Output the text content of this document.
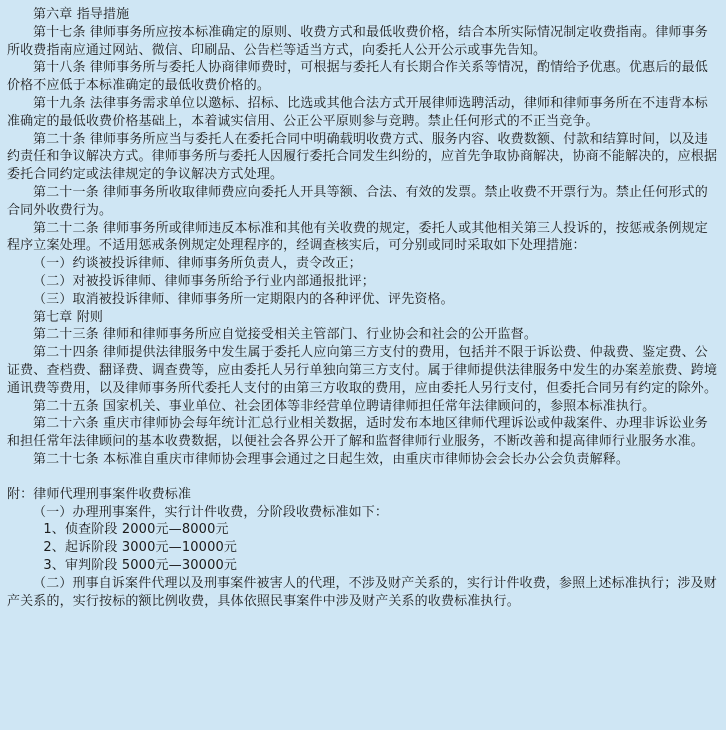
第六章 指导措施

第十七条 律师事务所应按本标准确定的原则、收费方式和最低收费价格，结合本所实际情况制定收费指南。律师事务所收费指南应通过网站、微信、印刷品、公告栏等适当方式，向委托人公开公示或事先告知。

第十八条 律师事务所与委托人协商律师费时，可根据与委托人有长期合作关系等情况，酌情给予优惠。优惠后的最低价格不应低于本标准确定的最低收费价格的。

第十九条 法律事务需求单位以邀标、招标、比选或其他合法方式开展律师选聘活动，律师和律师事务所在不违背本标准确定的最低收费价格基础上，本着诚实信用、公正公平原则参与竞聘。禁止任何形式的不正当竞争。

第二十条 律师事务所应当与委托人在委托合同中明确载明收费方式、服务内容、收费数额、付款和结算时间，以及违约责任和争议解决方式。律师事务所与委托人因履行委托合同发生纠纷的，应首先争取协商解决，协商不能解决的，应根据委托合同约定或法律规定的争议解决方式处理。

第二十一条 律师事务所收取律师费应向委托人开具等额、合法、有效的发票。禁止收费不开票行为。禁止任何形式的合同外收费行为。

第二十二条 律师事务所或律师违反本标准和其他有关收费的规定，委托人或其他相关第三人投诉的，按惩戒条例规定程序立案处理。不适用惩戒条例规定处理程序的，经调查核实后，可分别或同时采取如下处理措施：

（一）约谈被投诉律师、律师事务所负责人，责令改正；

（二）对被投诉律师、律师事务所给予行业内部通报批评；

（三）取消被投诉律师、律师事务所一定期限内的各种评优、评先资格。

第七章 附则

第二十三条 律师和律师事务所应自觉接受相关主管部门、行业协会和社会的公开监督。

第二十四条 律师提供法律服务中发生属于委托人应向第三方支付的费用，包括并不限于诉讼费、仲裁费、鉴定费、公证费、查档费、翻译费、调查费等，应由委托人另行单独向第三方支付。属于律师提供法律服务中发生的办案差旅费、跨境通讯费等费用，以及律师事务所代委托人支付的由第三方收取的费用，应由委托人另行支付，但委托合同另有约定的除外。

第二十五条 国家机关、事业单位、社会团体等非经营单位聘请律师担任常年法律顾问的，参照本标准执行。

第二十六条 重庆市律师协会每年统计汇总行业相关数据，适时发布本地区律师代理诉讼或仲裁案件、办理非诉讼业务和担任常年法律顾问的基本收费数据，以便社会各界公开了解和监督律师行业服务，不断改善和提高律师行业服务水准。

第二十七条 本标准自重庆市律师协会理事会通过之日起生效，由重庆市律师协会会长办公会负责解释。

附：律师代理刑事案件收费标准

（一）办理刑事案件，实行计件收费，分阶段收费标准如下：

1、侦查阶段 2000元—8000元

2、起诉阶段 3000元—10000元

3、审判阶段 5000元—30000元

（二）刑事自诉案件代理以及刑事案件被害人的代理，不涉及财产关系的，实行计件收费，参照上述标准执行；涉及财产关系的，实行按标的额比例收费，具体依照民事案件中涉及财产关系的收费标准执行。
